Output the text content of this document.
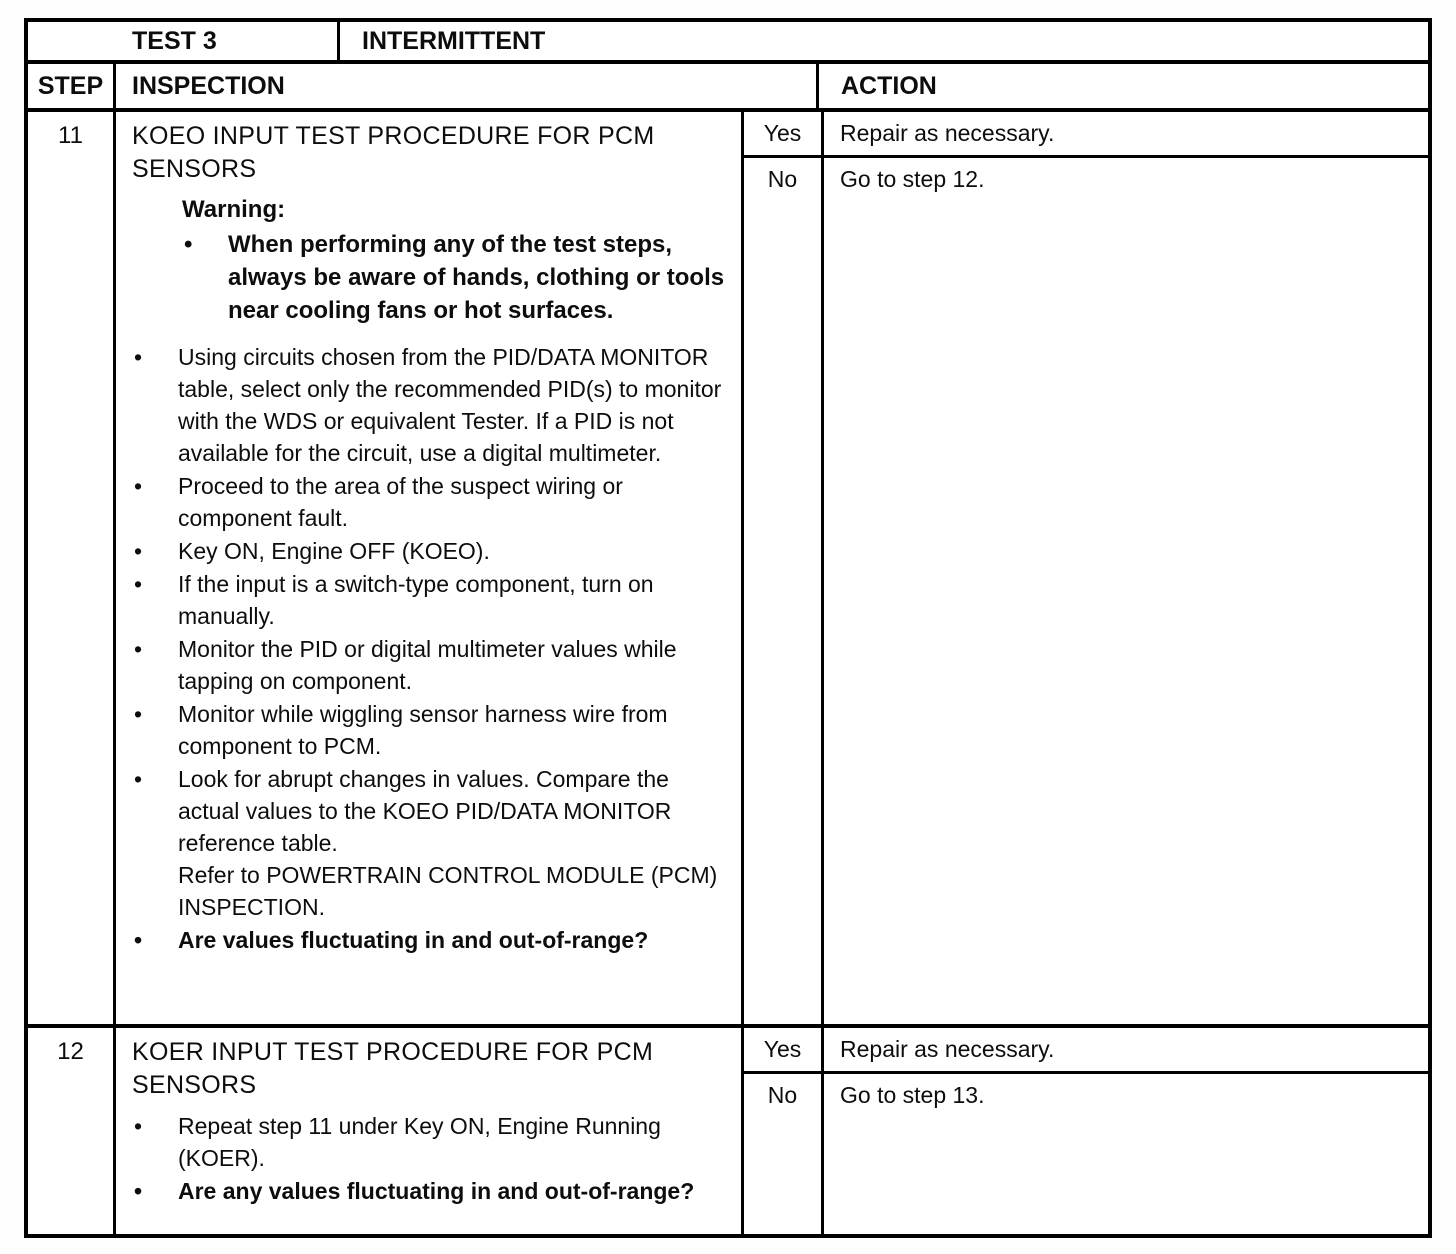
TEST 3	INTERMITTENT
STEP	INSPECTION	ACTION
11	KOEO INPUT TEST PROCEDURE FOR PCM SENSORS
Warning:
• When performing any of the test steps, always be aware of hands, clothing or tools near cooling fans or hot surfaces.
• Using circuits chosen from the PID/DATA MONITOR table, select only the recommended PID(s) to monitor with the WDS or equivalent Tester. If a PID is not available for the circuit, use a digital multimeter.
• Proceed to the area of the suspect wiring or component fault.
• Key ON, Engine OFF (KOEO).
• If the input is a switch-type component, turn on manually.
• Monitor the PID or digital multimeter values while tapping on component.
• Monitor while wiggling sensor harness wire from component to PCM.
• Look for abrupt changes in values. Compare the actual values to the KOEO PID/DATA MONITOR reference table.
Refer to POWERTRAIN CONTROL MODULE (PCM) INSPECTION.
• Are values fluctuating in and out-of-range?
Yes	Repair as necessary.
No	Go to step 12.
12	KOER INPUT TEST PROCEDURE FOR PCM SENSORS
• Repeat step 11 under Key ON, Engine Running (KOER).
• Are any values fluctuating in and out-of-range?
Yes	Repair as necessary.
No	Go to step 13.
